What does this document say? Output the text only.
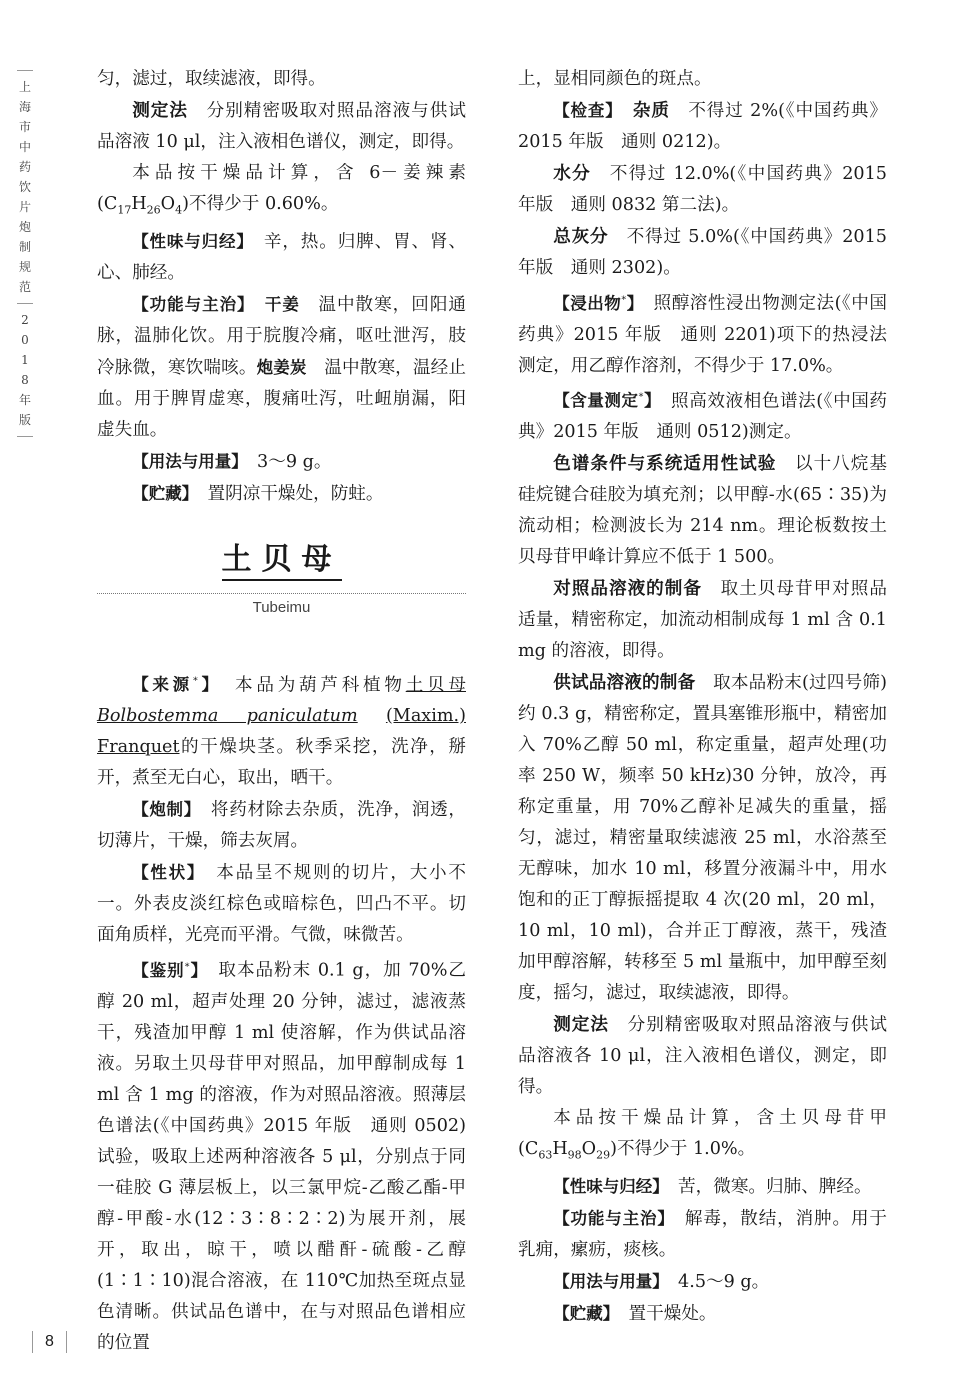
上海市中药饮片炮制规范
2018年版

匀，滤过，取续滤液，即得。

测定法　 分别精密吸取对照品溶液与供试品溶液 10 μl，注入液相色谱仪，测定，即得。

本品按干燥品计算，含 6－姜辣素$(C_{17}H_{26}O_4)$不得少于 0.60%。

【性味与归经】　 辛，热。归脾、胃、肾、心、肺经。

【功能与主治】　 干姜　 温中散寒，回阳通脉，温肺化饮。用于脘腹冷痛，呕吐泄泻，肢冷脉微，寒饮喘咳。炮姜炭　 温中散寒，温经止血。用于脾胃虚寒，腹痛吐泻，吐衄崩漏，阳虚失血。

【用法与用量】　 3～9 g。

【贮藏】　 置阴凉干燥处，防蛀。

土贝母
Tubeimu

【来源*】　 本品为葫芦科植物土贝母 Bolbostemma paniculatum (Maxim.) Franquet的干燥块茎。秋季采挖，洗净，掰开，煮至无白心，取出，晒干。

【炮制】　 将药材除去杂质，洗净，润透，切薄片，干燥，筛去灰屑。

【性状】　 本品呈不规则的切片，大小不一。外表皮淡红棕色或暗棕色，凹凸不平。切面角质样，光亮而平滑。气微，味微苦。

【鉴别*】　 取本品粉末 0.1 g，加 70%乙醇 20 ml，超声处理 20 分钟，滤过，滤液蒸干，残渣加甲醇 1 ml 使溶解，作为供试品溶液。另取土贝母苷甲对照品，加甲醇制成每 1 ml 含 1 mg 的溶液，作为对照品溶液。照薄层色谱法(《中国药典》2015 年版　通则 0502)试验，吸取上述两种溶液各 5 μl，分别点于同一硅胶 G 薄层板上，以三氯甲烷-乙酸乙酯-甲醇-甲酸-水(12∶3∶8∶2∶2)为展开剂，展开，取出，晾干，喷以醋酐-硫酸-乙醇(1∶1∶10)混合溶液，在 110℃加热至斑点显色清晰。供试品色谱中，在与对照品色谱相应的位置

上，显相同颜色的斑点。

【检查】　 杂质　 不得过 2%(《中国药典》2015 年版　通则 0212)。

水分　 不得过 12.0%(《中国药典》2015 年版　通则 0832 第二法)。

总灰分　 不得过 5.0%(《中国药典》2015 年版　通则 2302)。

【浸出物*】　 照醇溶性浸出物测定法(《中国药典》2015 年版　通则 2201)项下的热浸法测定，用乙醇作溶剂，不得少于 17.0%。

【含量测定*】　 照高效液相色谱法(《中国药典》2015 年版　通则 0512)测定。

色谱条件与系统适用性试验　 以十八烷基硅烷键合硅胶为填充剂；以甲醇-水(65∶35)为流动相；检测波长为 214 nm。理论板数按土贝母苷甲峰计算应不低于 1 500。

对照品溶液的制备　 取土贝母苷甲对照品适量，精密称定，加流动相制成每 1 ml 含 0.1 mg 的溶液，即得。

供试品溶液的制备　 取本品粉末(过四号筛)约 0.3 g，精密称定，置具塞锥形瓶中，精密加入 70%乙醇 50 ml，称定重量，超声处理(功率 250 W，频率 50 kHz)30 分钟，放冷，再称定重量，用 70%乙醇补足减失的重量，摇匀，滤过，精密量取续滤液 25 ml，水浴蒸至无醇味，加水 10 ml，移置分液漏斗中，用水饱和的正丁醇振摇提取 4 次(20 ml，20 ml，10 ml，10 ml)，合并正丁醇液，蒸干，残渣加甲醇溶解，转移至 5 ml 量瓶中，加甲醇至刻度，摇匀，滤过，取续滤液，即得。

测定法　 分别精密吸取对照品溶液与供试品溶液各 10 μl，注入液相色谱仪，测定，即得。

本品按干燥品计算，含土贝母苷甲$(C_{63}H_{98}O_{29})$不得少于 1.0%。

【性味与归经】　 苦，微寒。归肺、脾经。

【功能与主治】　 解毒，散结，消肿。用于乳痈，瘰疬，痰核。

【用法与用量】　 4.5～9 g。

【贮藏】　 置干燥处。

8
